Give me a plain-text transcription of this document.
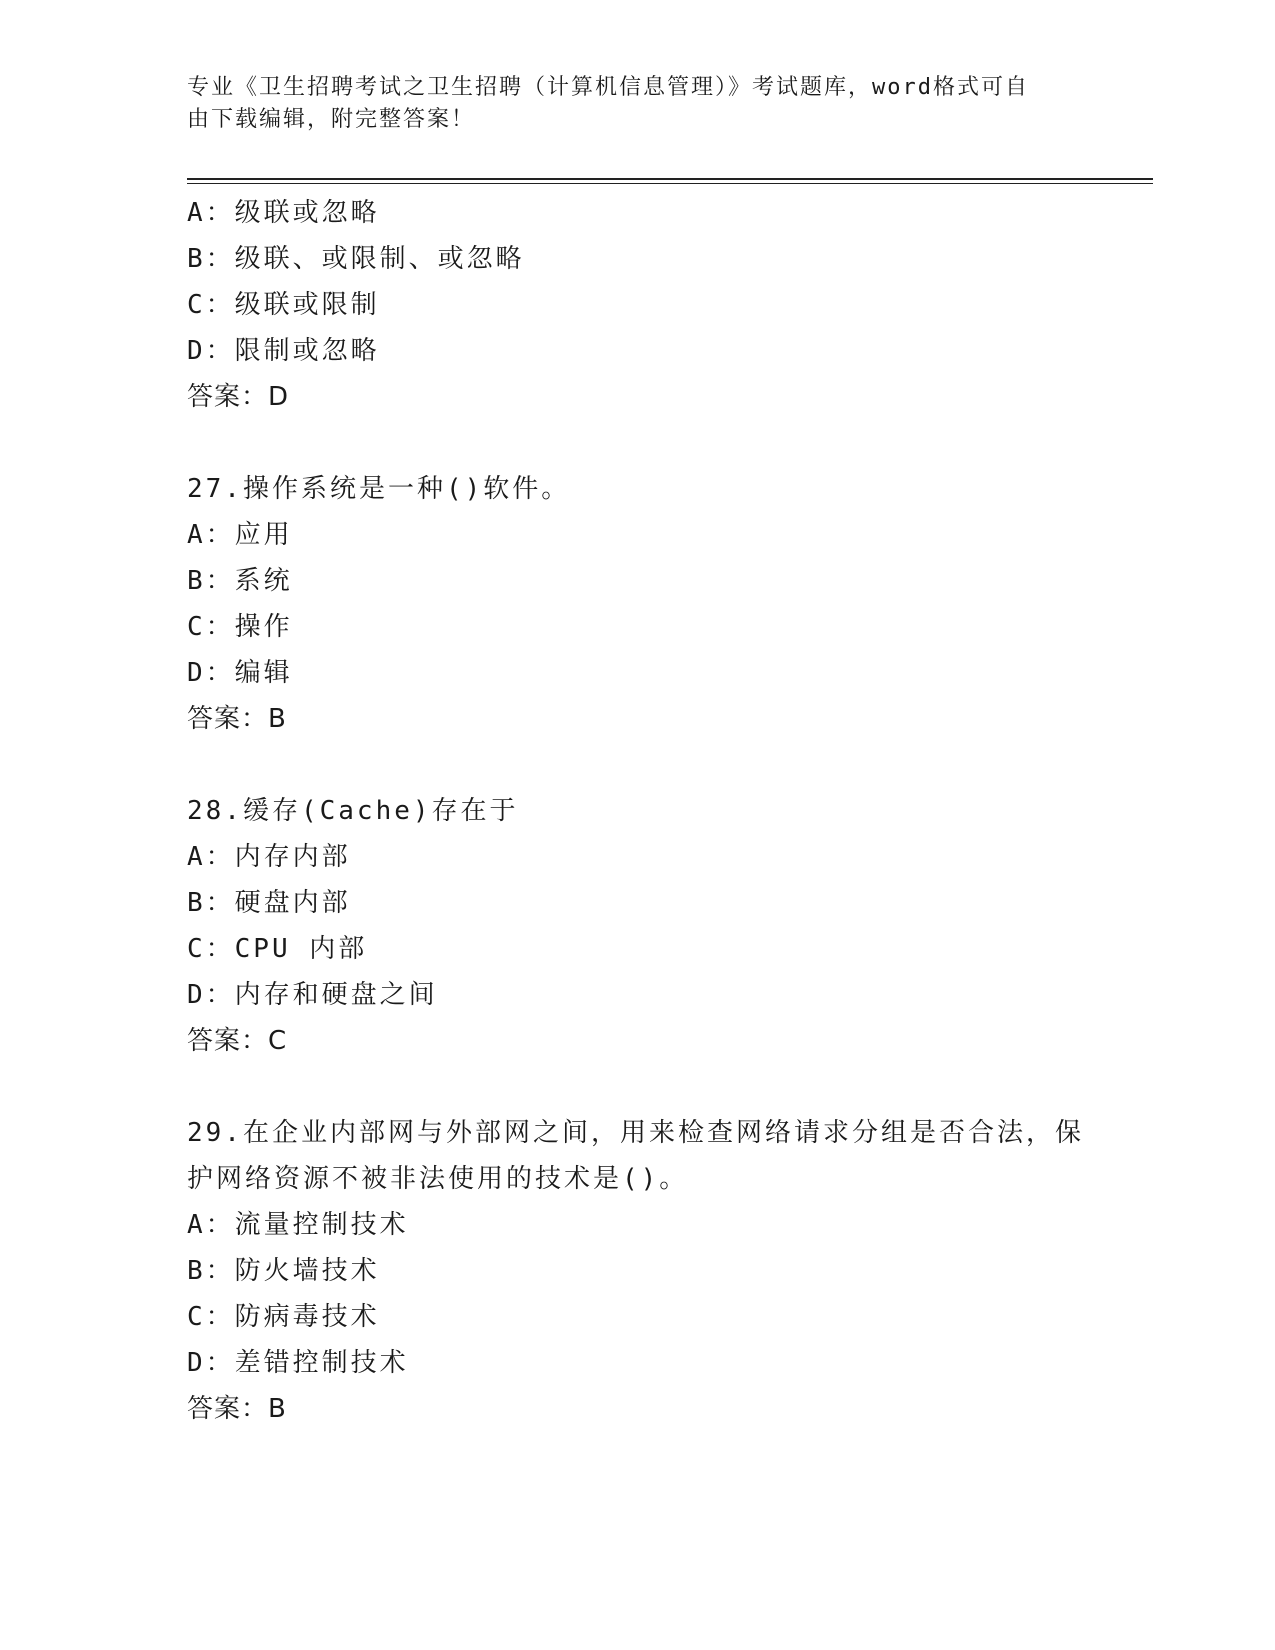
专业《卫生招聘考试之卫生招聘（计算机信息管理）》考试题库，word格式可自
由下载编辑，附完整答案！
A：级联或忽略
B：级联、或限制、或忽略
C：级联或限制
D：限制或忽略
答案：D
27.操作系统是一种()软件。
A：应用
B：系统
C：操作
D：编辑
答案：B
28.缓存(Cache)存在于
A：内存内部
B：硬盘内部
C：CPU 内部
D：内存和硬盘之间
答案：C
29.在企业内部网与外部网之间，用来检查网络请求分组是否合法，保
护网络资源不被非法使用的技术是()。
A：流量控制技术
B：防火墙技术
C：防病毒技术
D：差错控制技术
答案：B
